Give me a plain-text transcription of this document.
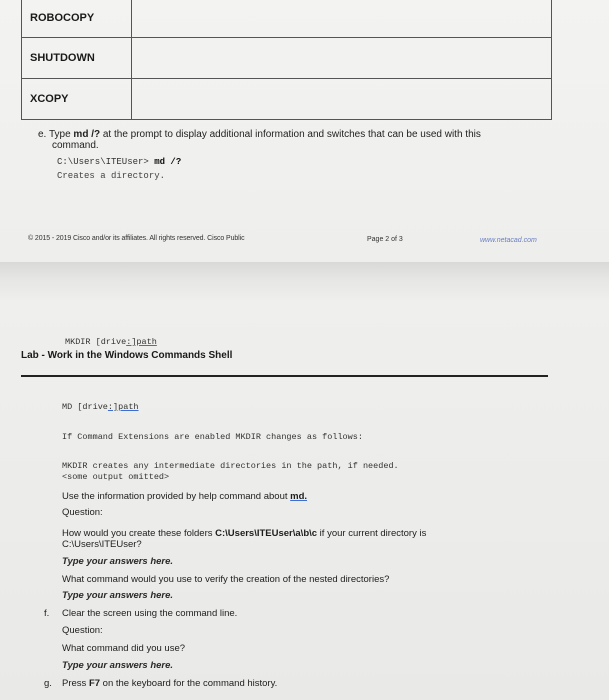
ROBOCOPY	
SHUTDOWN	
XCOPY	
e. Type md /? at the prompt to display additional information and switches that can be used with this
command.
C:\Users\ITEUser> md /?
Creates a directory.
© 2015 - 2019 Cisco and/or its affiliates. All rights reserved. Cisco Public	Page 2 of 3	www.netacad.com
MKDIR [drive:]path
Lab - Work in the Windows Commands Shell
MD [drive:]path
If Command Extensions are enabled MKDIR changes as follows:
MKDIR creates any intermediate directories in the path, if needed.
<some output omitted>
Use the information provided by help command about md.
Question:
How would you create these folders C:\Users\ITEUser\a\b\c if your current directory is
C:\Users\ITEUser?
Type your answers here.
What command would you use to verify the creation of the nested directories?
Type your answers here.
f. Clear the screen using the command line.
Question:
What command did you use?
Type your answers here.
g. Press F7 on the keyboard for the command history.
